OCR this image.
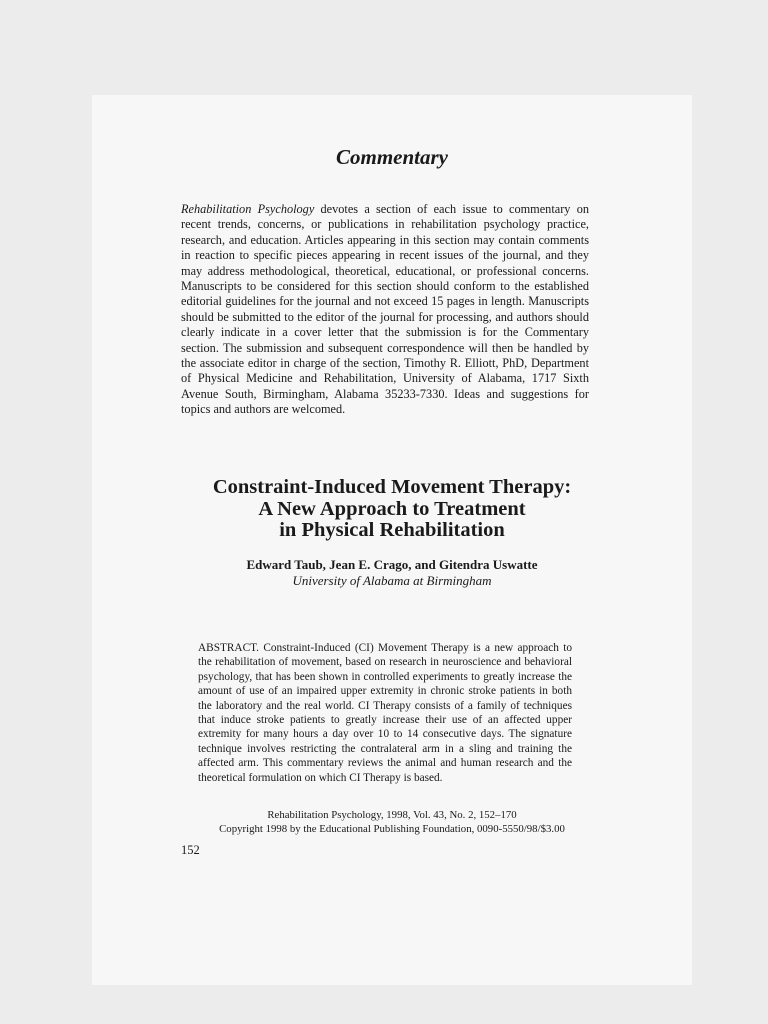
Commentary
Rehabilitation Psychology devotes a section of each issue to commentary on recent trends, concerns, or publications in rehabilitation psychology practice, research, and education. Articles appearing in this section may contain comments in reaction to specific pieces appearing in recent issues of the journal, and they may address methodological, theoretical, educational, or professional concerns. Manuscripts to be considered for this section should conform to the established editorial guidelines for the journal and not exceed 15 pages in length. Manuscripts should be submitted to the editor of the journal for processing, and authors should clearly indicate in a cover letter that the submission is for the Commentary section. The submission and subsequent correspondence will then be handled by the associate editor in charge of the section, Timothy R. Elliott, PhD, Department of Physical Medicine and Rehabilitation, University of Alabama, 1717 Sixth Avenue South, Birmingham, Alabama 35233-7330. Ideas and suggestions for topics and authors are welcomed.
Constraint-Induced Movement Therapy:
A New Approach to Treatment
in Physical Rehabilitation
Edward Taub, Jean E. Crago, and Gitendra Uswatte
University of Alabama at Birmingham
ABSTRACT. Constraint-Induced (CI) Movement Therapy is a new approach to the rehabilitation of movement, based on research in neuroscience and behavioral psychology, that has been shown in controlled experiments to greatly increase the amount of use of an impaired upper extremity in chronic stroke patients in both the laboratory and the real world. CI Therapy consists of a family of techniques that induce stroke patients to greatly increase their use of an affected upper extremity for many hours a day over 10 to 14 consecutive days. The signature technique involves restricting the contralateral arm in a sling and training the affected arm. This commentary reviews the animal and human research and the theoretical formulation on which CI Therapy is based.
Rehabilitation Psychology, 1998, Vol. 43, No. 2, 152–170
Copyright 1998 by the Educational Publishing Foundation, 0090-5550/98/$3.00
152
